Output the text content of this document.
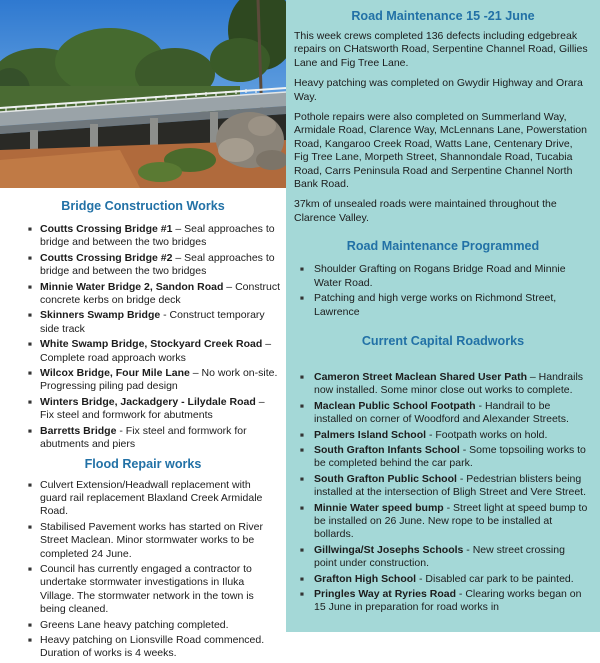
Bridge Construction Works
■ Coutts Crossing Bridge #1 – Seal approaches to bridge and between the two bridges
■ Coutts Crossing Bridge #2 – Seal approaches to bridge and between the two bridges
■ Minnie Water Bridge 2, Sandon Road – Construct concrete kerbs on bridge deck
■ Skinners Swamp Bridge - Construct temporary side track
■ White Swamp Bridge, Stockyard Creek Road – Complete road approach works
■ Wilcox Bridge, Four Mile Lane – No work on-site. Progressing piling pad design
■ Winters Bridge, Jackadgery - Lilydale Road – Fix steel and formwork for abutments
■ Barretts Bridge - Fix steel and formwork for abutments and piers
Flood Repair works
■ Culvert Extension/Headwall replacement with guard rail replacement Blaxland Creek Armidale Road.
■ Stabilised Pavement works has started on River Street Maclean. Minor stormwater works to be completed 24 June.
■ Council has currently engaged a contractor to undertake stormwater investigations in Iluka Village. The stormwater network in the town is being cleaned.
■ Greens Lane heavy patching completed.
■ Heavy patching on Lionsville Road commenced. Duration of works is 4 weeks.
Road Maintenance 15 -21 June

This week crews completed 136 defects including edgebreak repairs on CHatsworth Road, Serpentine Channel Road, Gillies Lane and Fig Tree Lane.

Heavy patching was completed on Gwydir Highway and Orara Way.

Pothole repairs were also completed on Summerland Way, Armidale Road, Clarence Way, McLennans Lane, Powerstation Road, Kangaroo Creek Road, Watts Lane, Centenary Drive, Fig Tree Lane, Morpeth Street, Shannondale Road, Tucabia Road, Carrs Peninsula Road and Serpentine Channel North Bank Road.

37km of unsealed roads were maintained throughout the Clarence Valley.

Road Maintenance Programmed
■ Shoulder Grafting on Rogans Bridge Road and Minnie Water Road.
■ Patching and high verge works on Richmond Street, Lawrence
Current Capital Roadworks
■ Cameron Street Maclean Shared User Path – Handrails now installed. Some minor close out works to complete.
■ Maclean Public School Footpath - Handrail to be installed on corner of Woodford and Alexander Streets.
■ Palmers Island School - Footpath works on hold.
■ South Grafton Infants School - Some topsoiling works to be completed behind the car park.
■ South Grafton Public School - Pedestrian blisters being installed at the intersection of Bligh Street and Vere Street.
■ Minnie Water speed bump - Street light at speed bump to be installed on 26 June. New rope to be installed at bollards.
■ Gillwinga/St Josephs Schools - New street crossing point under construction.
■ Grafton High School - Disabled car park to be painted.
■ Pringles Way at Ryries Road - Clearing works began on 15 June in preparation for road works in
